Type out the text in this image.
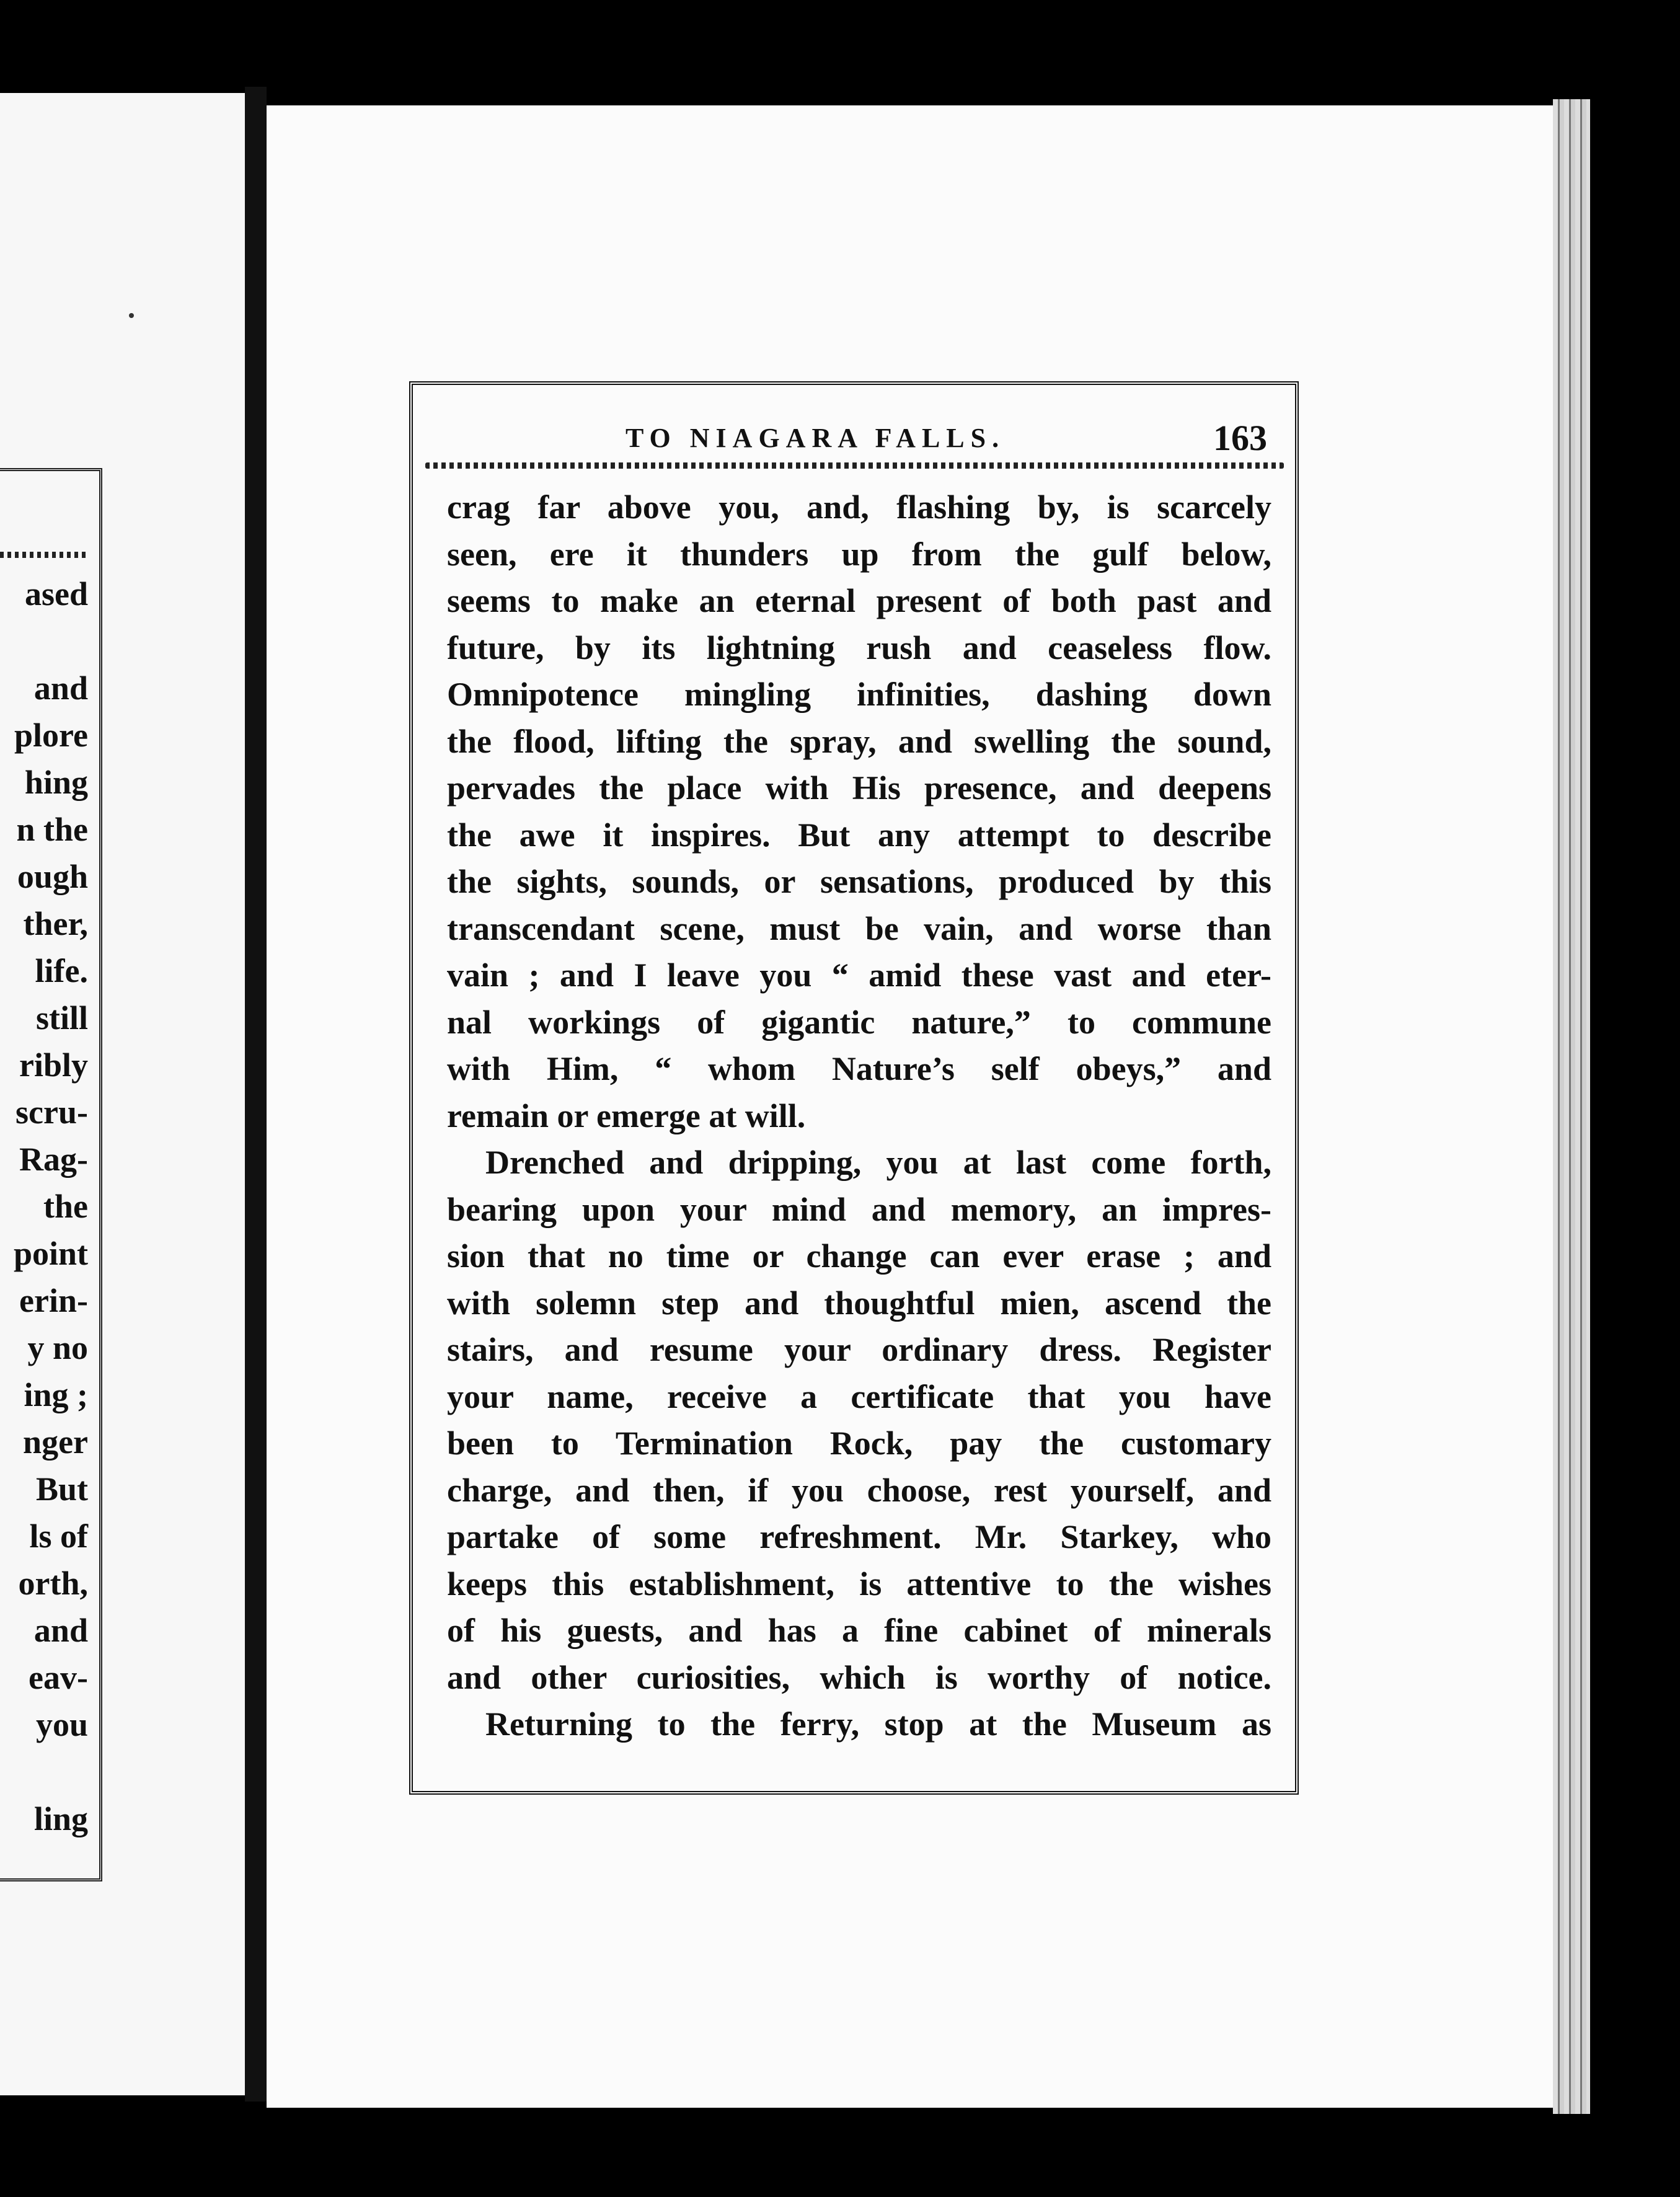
ased
and
plore
hing
n the
ough
ther,
life.
still
ribly
scru-
Rag-
the
point
erin-
y no
ing ;
nger
But
ls of
orth,
and
eav-
you
ling
TO NIAGARA FALLS.	163
crag far above you, and, flashing by, is scarcely
seen, ere it thunders up from the gulf below,
seems to make an eternal present of both past and
future, by its lightning rush and ceaseless flow.
Omnipotence mingling infinities, dashing down
the flood, lifting the spray, and swelling the sound,
pervades the place with His presence, and deepens
the awe it inspires. But any attempt to describe
the sights, sounds, or sensations, produced by this
transcendant scene, must be vain, and worse than
vain ; and I leave you “ amid these vast and eter-
nal workings of gigantic nature,” to commune
with Him, “ whom Nature’s self obeys,” and
remain or emerge at will.
Drenched and dripping, you at last come forth,
bearing upon your mind and memory, an impres-
sion that no time or change can ever erase ; and
with solemn step and thoughtful mien, ascend the
stairs, and resume your ordinary dress. Register
your name, receive a certificate that you have
been to Termination Rock, pay the customary
charge, and then, if you choose, rest yourself, and
partake of some refreshment. Mr. Starkey, who
keeps this establishment, is attentive to the wishes
of his guests, and has a fine cabinet of minerals
and other curiosities, which is worthy of notice.
Returning to the ferry, stop at the Museum as
